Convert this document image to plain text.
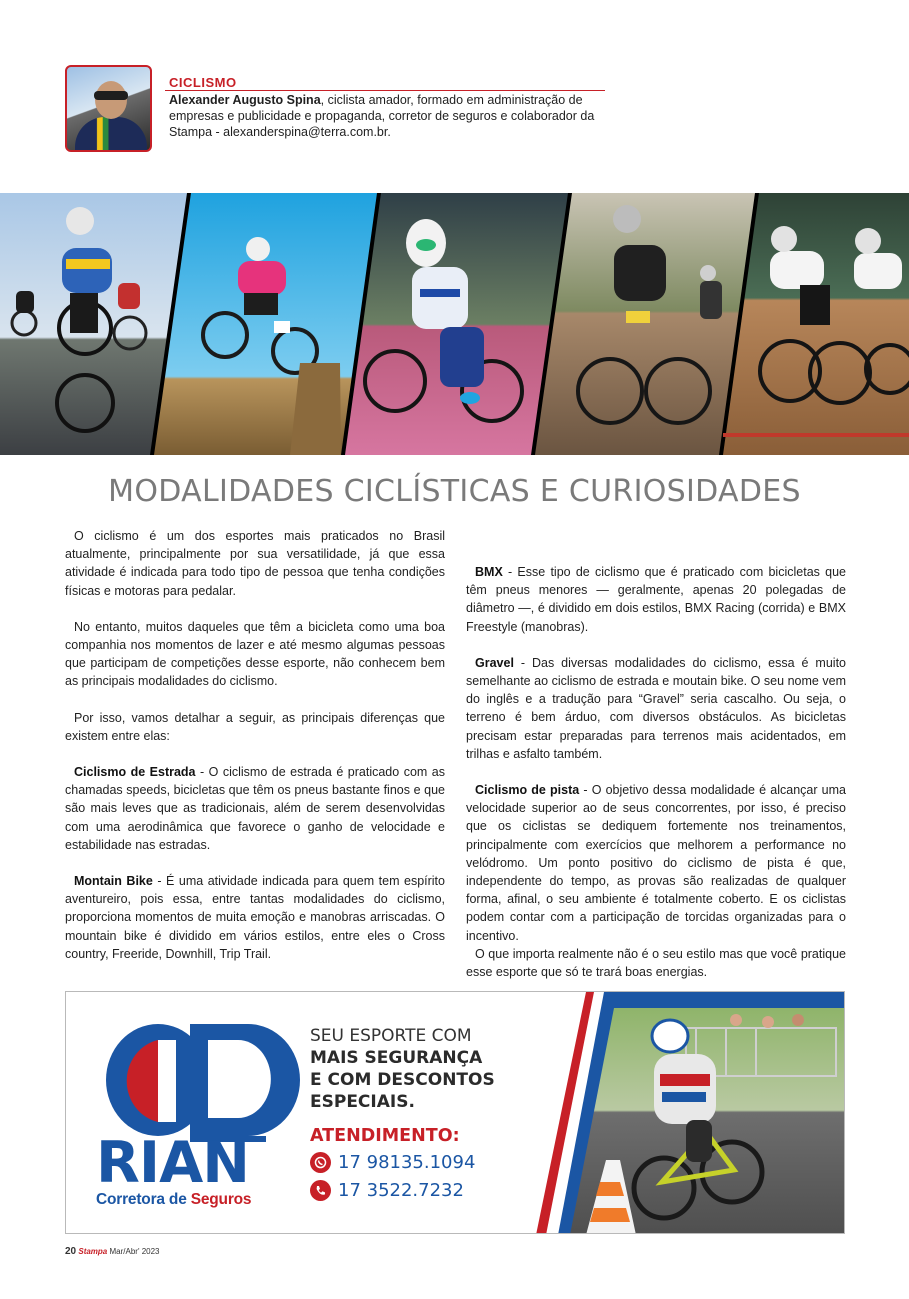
CICLISMO
Alexander Augusto Spina, ciclista amador, formado em administração de empresas e publicidade e propaganda, corretor de seguros e colaborador da Stampa - alexanderspina@terra.com.br.
MODALIDADES CICLÍSTICAS E CURIOSIDADES

O ciclismo é um dos esportes mais praticados no Brasil atualmente, principalmente por sua versatilidade, já que essa atividade é indicada para todo tipo de pessoa que tenha condições físicas e motoras para pedalar.

No entanto, muitos daqueles que têm a bicicleta como uma boa companhia nos momentos de lazer e até mesmo algumas pessoas que participam de competições desse esporte, não conhecem bem as principais modalidades do ciclismo.

Por isso, vamos detalhar a seguir, as principais diferenças que existem entre elas:

Ciclismo de Estrada - O ciclismo de estrada é praticado com as chamadas speeds, bicicletas que têm os pneus bastante finos e que são mais leves que as tradicionais, além de serem desenvolvidas com uma aerodinâmica que favorece o ganho de velocidade e estabilidade nas estradas.

Montain Bike - É uma atividade indicada para quem tem espírito aventureiro, pois essa, entre tantas modalidades do ciclismo, proporciona momentos de muita emoção e manobras arriscadas. O mountain bike é dividido em vários estilos, entre eles o Cross country, Freeride, Downhill, Trip Trail.

BMX - Esse tipo de ciclismo que é praticado com bicicletas que têm pneus menores — geralmente, apenas 20 polegadas de diâmetro —, é dividido em dois estilos, BMX Racing (corrida) e BMX Freestyle (manobras).

Gravel - Das diversas modalidades do ciclismo, essa é muito semelhante ao ciclismo de estrada e moutain bike. O seu nome vem do inglês e a tradução para “Gravel” seria cascalho. Ou seja, o terreno é bem árduo, com diversos obstáculos. As bicicletas precisam estar preparadas para terrenos mais acidentados, em trilhas e asfalto também.

Ciclismo de pista - O objetivo dessa modalidade é alcançar uma velocidade superior ao de seus concorrentes, por isso, é preciso que os ciclistas se dediquem fortemente nos treinamentos, principalmente com exercícios que melhorem a performance no velódromo. Um ponto positivo do ciclismo de pista é que, independente do tempo, as provas são realizadas de qualquer forma, afinal, o seu ambiente é totalmente coberto. E os ciclistas podem contar com a participação de torcidas organizadas para o incentivo.

O que importa realmente não é o seu estilo mas que você pratique esse esporte que só te trará boas energias.

RIAN
Corretora de Seguros
SEU ESPORTE COM
MAIS SEGURANÇA
E COM DESCONTOS
ESPECIAIS.
ATENDIMENTO:
17 98135.1094
17 3522.7232
20 Stampa Mar/Abr' 2023
